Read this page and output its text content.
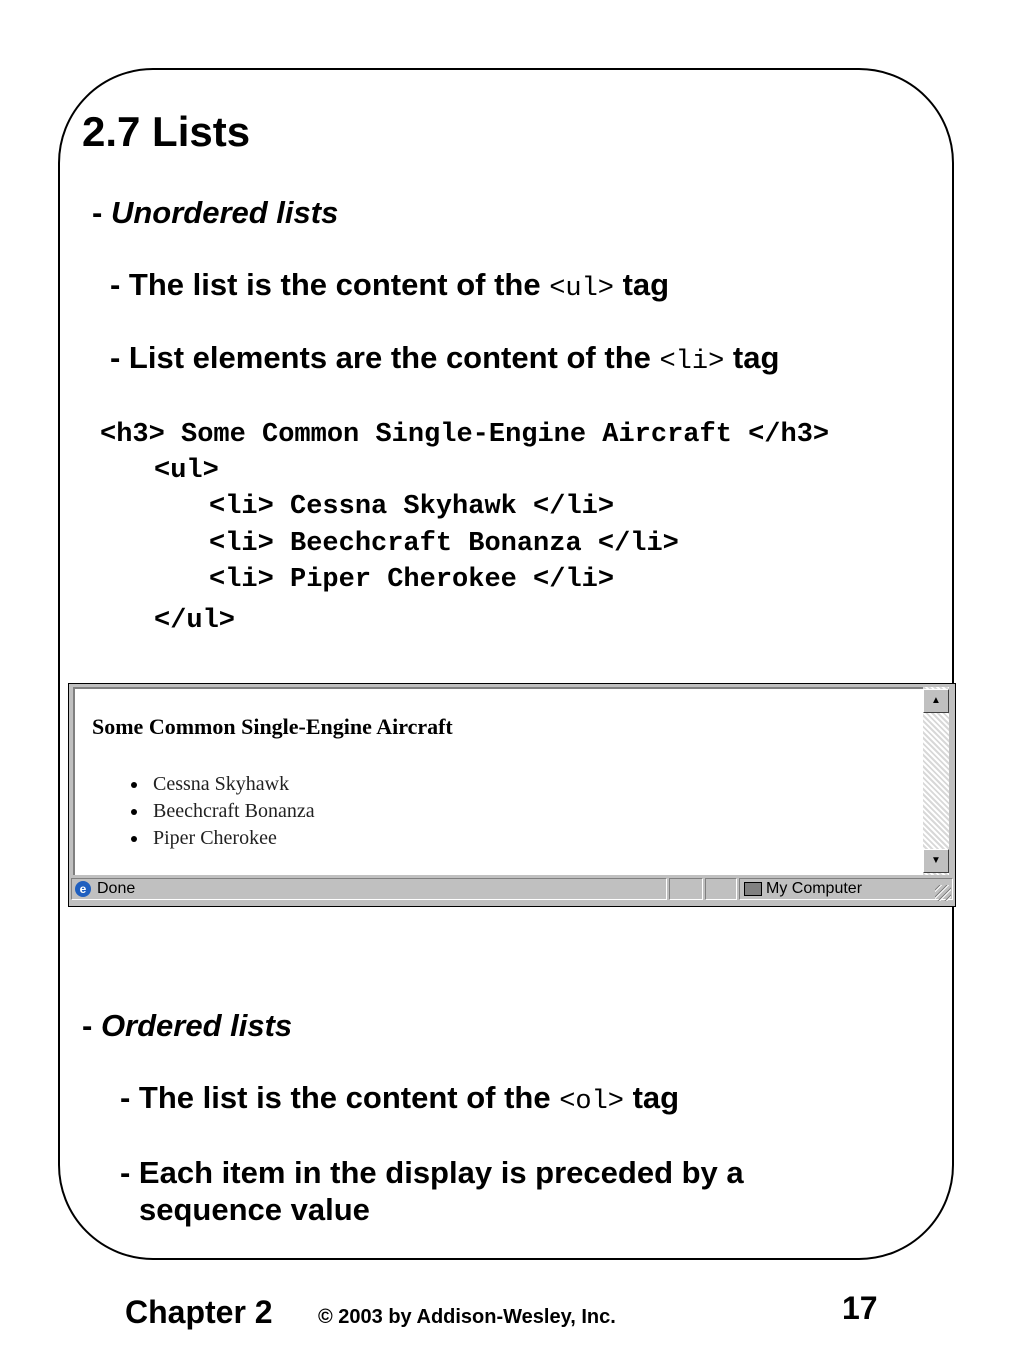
2.7 Lists
- Unordered lists
- The list is the content of the <ul> tag
- List elements are the content of the <li> tag
<h3> Some Common Single-Engine Aircraft </h3>
<ul>
<li> Cessna Skyhawk </li>
<li> Beechcraft Bonanza </li>
<li> Piper Cherokee </li>
</ul>
Some Common Single-Engine Aircraft
Cessna Skyhawk
Beechcraft Bonanza
Piper Cherokee
▲
▼
e Done	My Computer
- Ordered lists
- The list is the content of the <ol> tag
- Each item in the display is preceded by a
sequence value
Chapter 2 © 2003 by Addison-Wesley, Inc.	17
